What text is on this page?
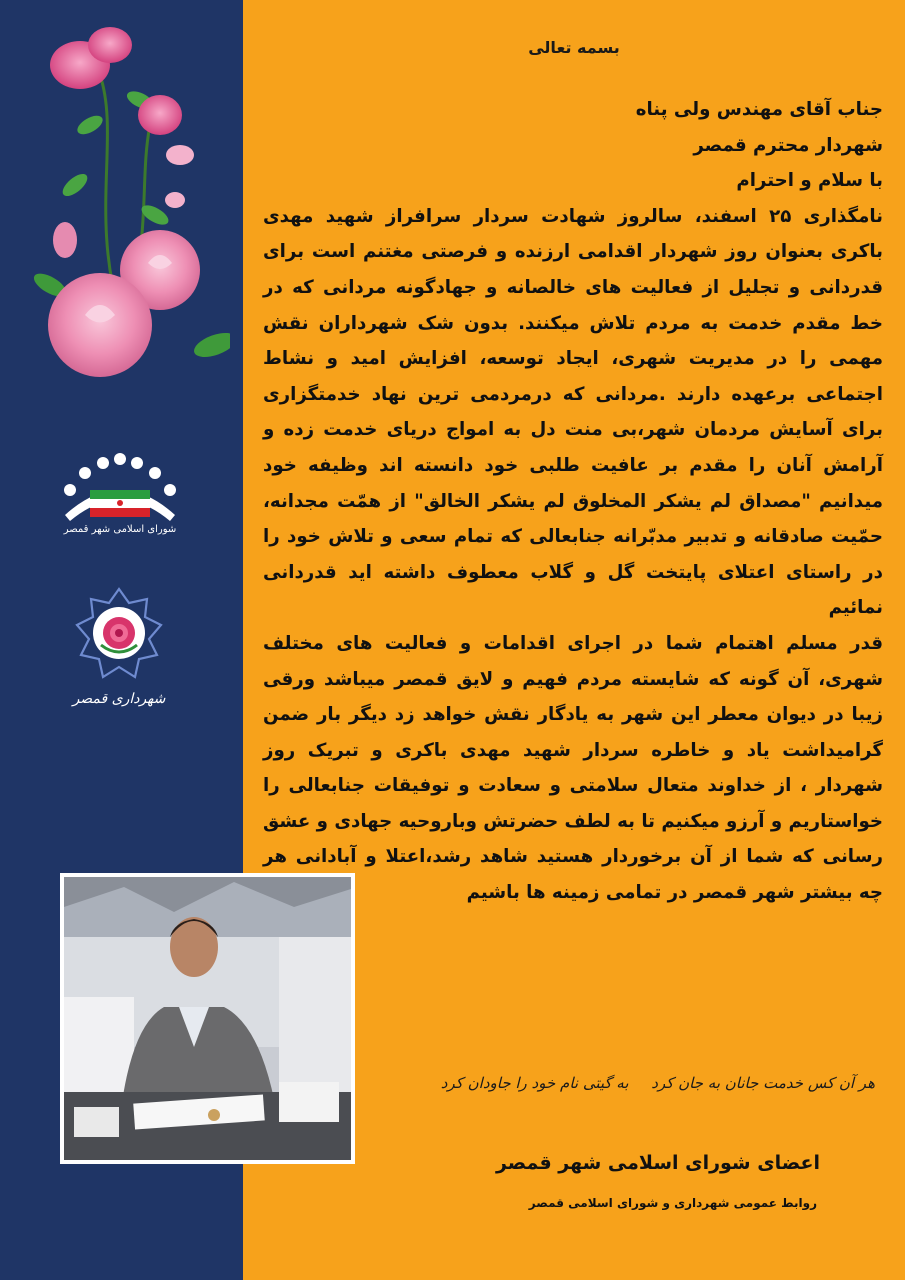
شورای اسلامی شهر قمصر
شهرداری قمصر
بسمه تعالی

جناب آقای مهندس ولی پناه

شهردار محترم قمصر

با سلام و احترام

نامگذاری ۲۵ اسفند، سالروز شهادت سردار سرافراز شهید مهدی باکری بعنوان روز شهردار اقدامی ارزنده و فرصتی مغتنم است برای قدردانی و تجلیل از فعالیت های خالصانه و جهادگونه مردانی که در خط مقدم خدمت به مردم تلاش میکنند. بدون شک شهرداران نقش مهمی را در مدیریت شهری، ایجاد توسعه، افزایش امید و نشاط اجتماعی برعهده دارند .مردانی که درمردمی ترین نهاد خدمتگزاری برای آسایش مردمان شهر،بی منت دل به امواج دریای خدمت زده و آرامش آنان را مقدم بر عافیت طلبی خود دانسته اند وظیفه خود میدانیم "مصداق لم یشکر المخلوق لم یشکر الخالق" از همّت مجدانه، حمّیت صادقانه و تدبیر مدبّرانه جنابعالی که تمام سعی و تلاش خود را در راستای اعتلای پایتخت گل و گلاب معطوف داشته اید قدردانی نمائیم

قدر مسلم اهتمام شما در اجرای اقدامات و فعالیت های مختلف شهری، آن گونه که شایسته مردم فهیم و لایق قمصر میباشد ورقی زیبا در دیوان معطر این شهر به یادگار نقش خواهد زد دیگر بار ضمن گرامیداشت یاد و خاطره سردار شهید مهدی باکری و تبریک روز شهردار ، از خداوند متعال سلامتی و سعادت و توفیقات جنابعالی را خواستاریم و آرزو میکنیم تا به لطف حضرتش وباروحیه جهادی و عشق رسانی که شما از آن برخوردار هستید شاهد رشد،اعتلا و آبادانی هر چه بیشتر شهر قمصر در تمامی زمینه ها باشیم

هر آن کس خدمت جانان به جان کرد به گیتی نام خود را جاودان کرد
اعضای شورای اسلامی شهر قمصر
روابط عمومی شهرداری و شورای اسلامی قمصر
